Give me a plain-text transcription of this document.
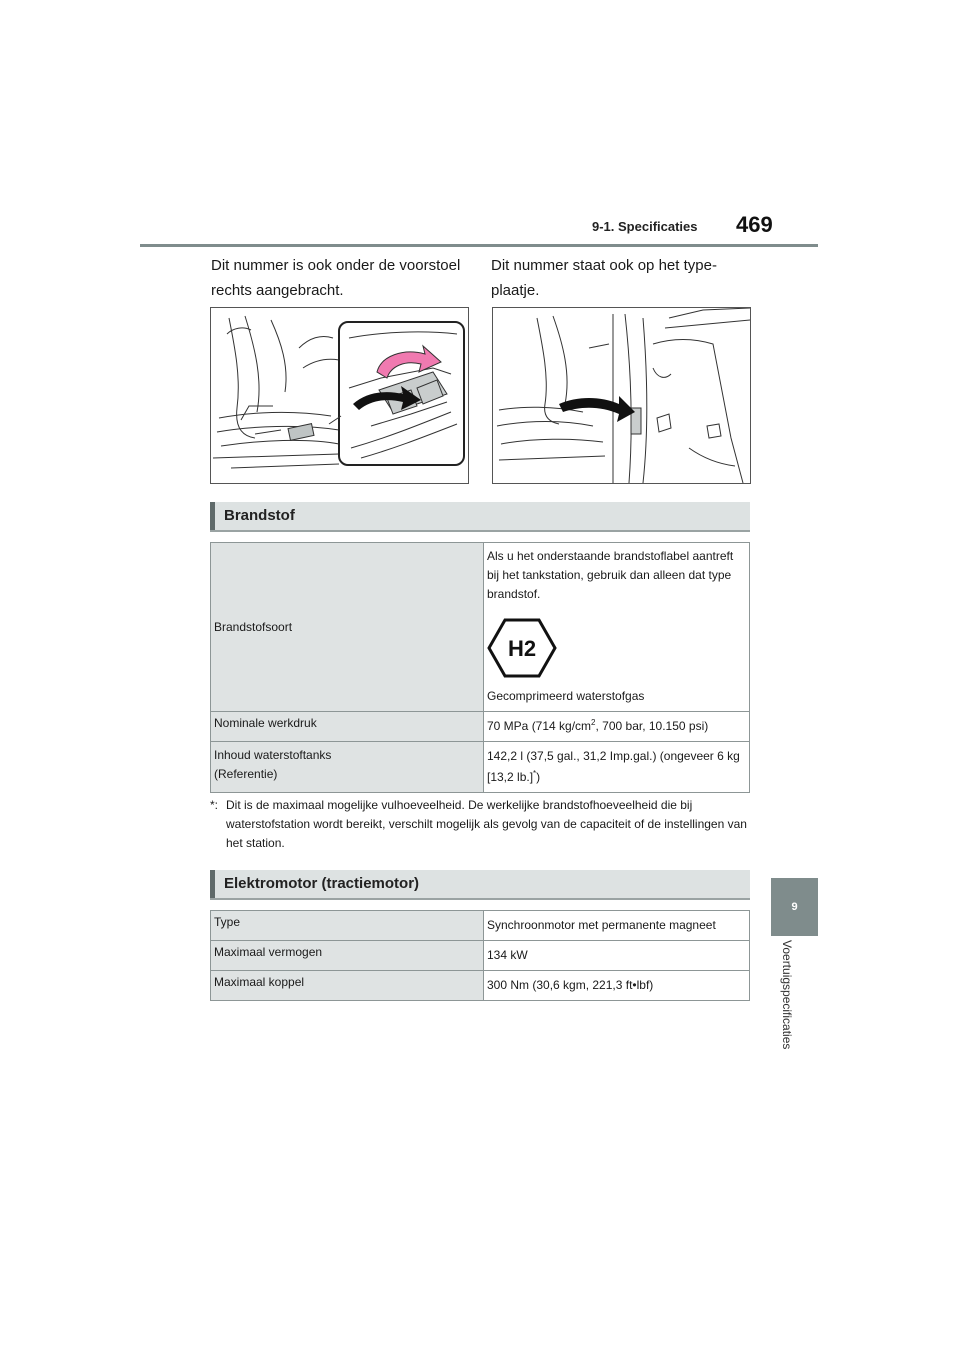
9-1. Specificaties 469
9
Voertuigspecificaties
Dit nummer is ook onder de voorstoel rechts aangebracht.
Dit nummer staat ook op het type-plaatje.
Brandstof
Brandstofsoort	Als u het onderstaande brandstoflabel aantreft bij het tankstation, gebruik dan alleen dat type brandstof.
H2
Gecomprimeerd waterstofgas

Nominale werkdruk	70 MPa (714 $kg/cm^2$, 700 bar, 10.150 psi)

Inhoud waterstoftanks
(Referentie)	142,2 l (37,5 gal., 31,2 Imp.gal.) (ongeveer 6 kg [13,2 lb.]*)
*: Dit is de maximaal mogelijke vulhoeveelheid. De werkelijke brandstofhoeveelheid die bij waterstofstation wordt bereikt, verschilt mogelijk als gevolg van de capaciteit of de instellingen van het station.
Elektromotor (tractiemotor)
Type	Synchroonmotor met permanente magneet
Maximaal vermogen	134 kW
Maximaal koppel	300 Nm (30,6 kgm, 221,3 ft•lbf)
